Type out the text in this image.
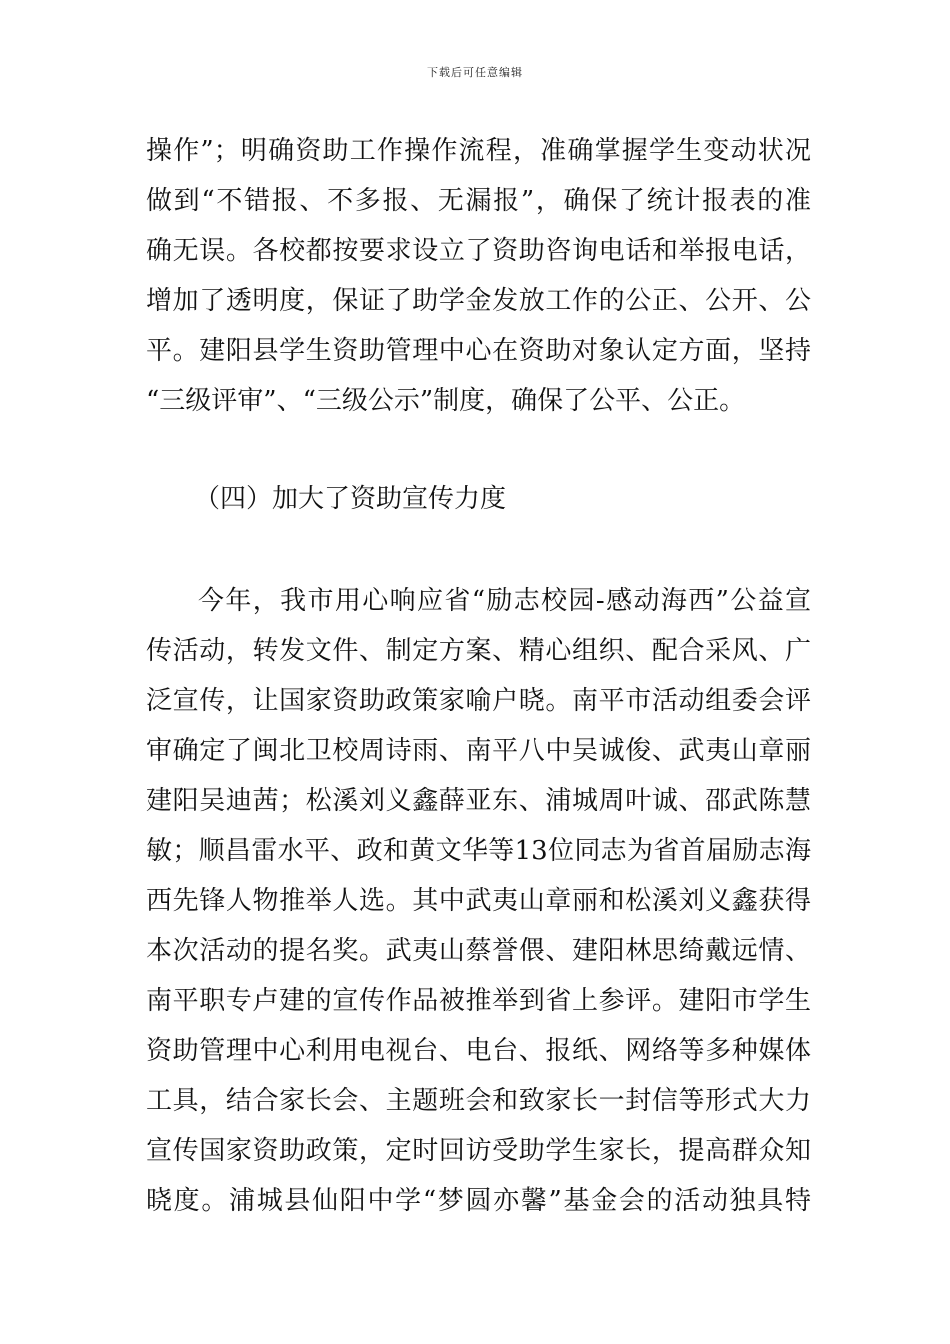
下载后可任意编辑
操作”；明确资助工作操作流程，准确掌握学生变动状况
做到“不错报、不多报、无漏报”，确保了统计报表的准
确无误。各校都按要求设立了资助咨询电话和举报电话，
增加了透明度，保证了助学金发放工作的公正、公开、公
平。建阳县学生资助管理中心在资助对象认定方面，坚持
“三级评审”、“三级公示”制度，确保了公平、公正。
（四）加大了资助宣传力度
今年，我市用心响应省“励志校园-感动海西”公益宣
传活动，转发文件、制定方案、精心组织、配合采风、广
泛宣传，让国家资助政策家喻户晓。南平市活动组委会评
审确定了闽北卫校周诗雨、南平八中吴诚俊、武夷山章丽
建阳吴迪茜；松溪刘义鑫薛亚东、浦城周叶诚、邵武陈慧
敏；顺昌雷水平、政和黄文华等13位同志为省首届励志海
西先锋人物推举人选。其中武夷山章丽和松溪刘义鑫获得
本次活动的提名奖。武夷山蔡誉偎、建阳林思绮戴远情、
南平职专卢建的宣传作品被推举到省上参评。建阳市学生
资助管理中心利用电视台、电台、报纸、网络等多种媒体
工具，结合家长会、主题班会和致家长一封信等形式大力
宣传国家资助政策，定时回访受助学生家长，提高群众知
晓度。浦城县仙阳中学“梦圆亦馨”基金会的活动独具特
